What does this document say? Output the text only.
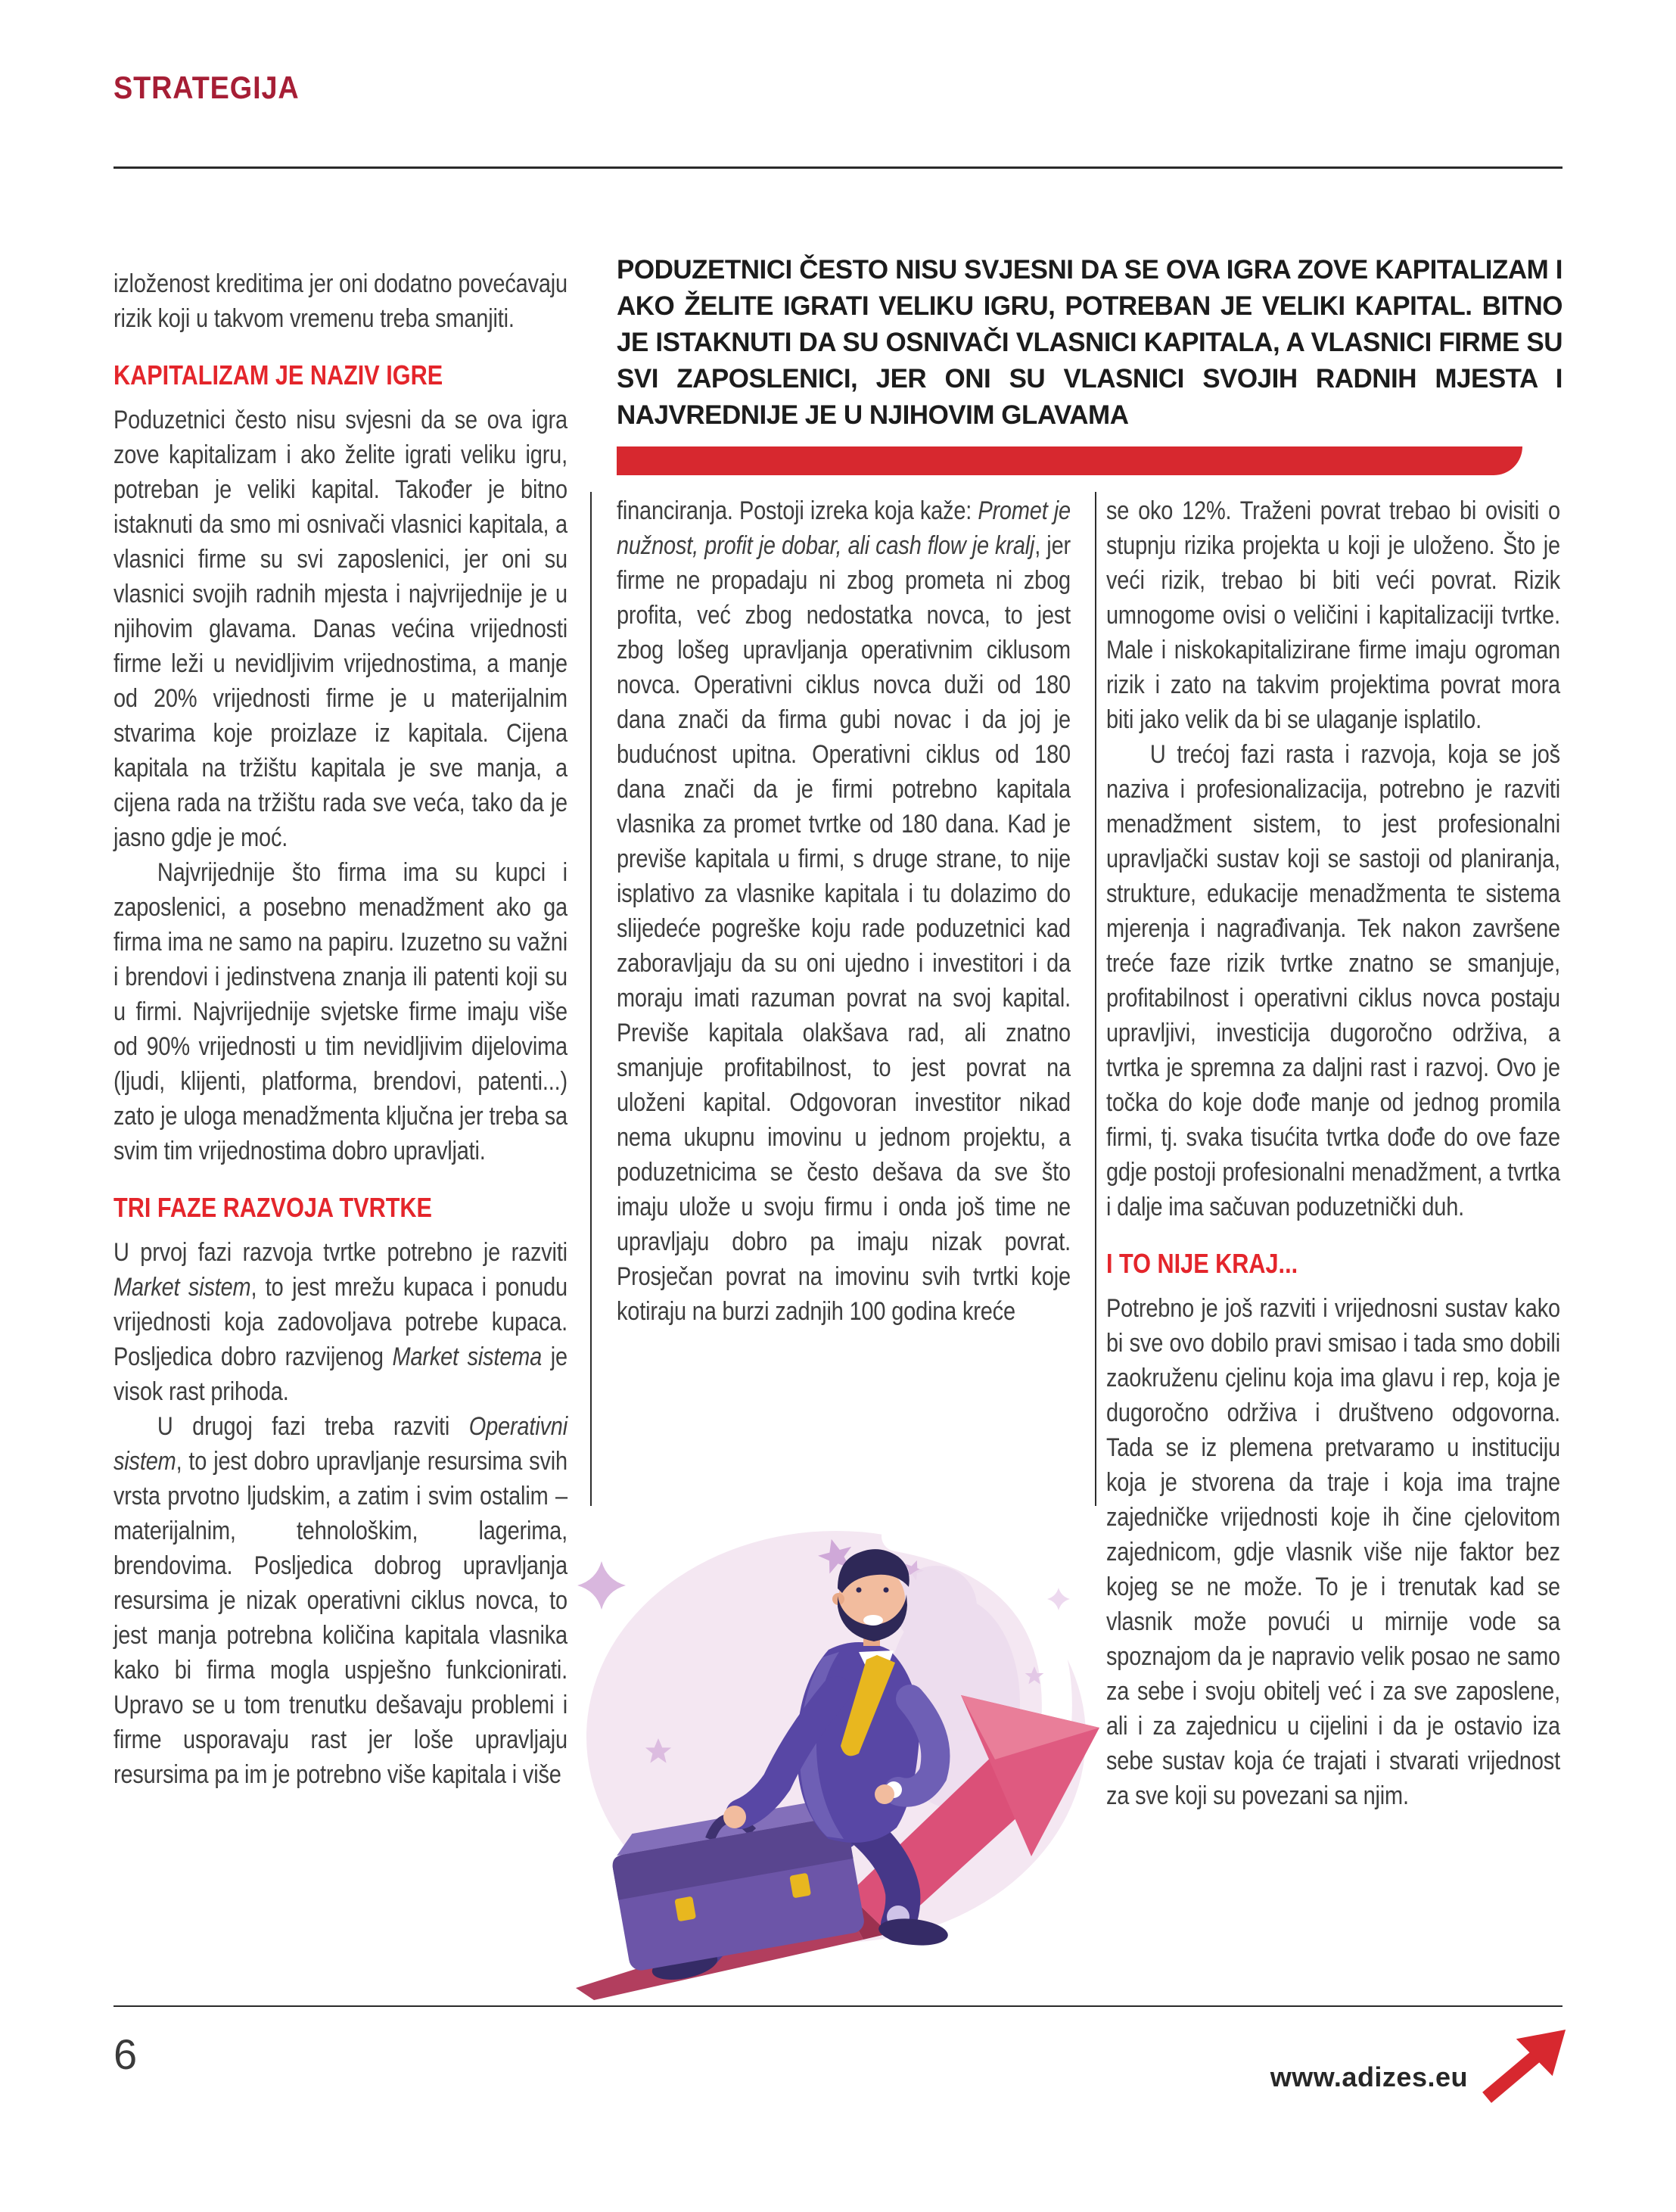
STRATEGIJA
PODUZETNICI ČESTO NISU SVJESNI DA SE OVA IGRA ZOVE KAPITALIZAM I AKO ŽELITE IGRATI VELIKU IGRU, POTREBAN JE VELIKI KAPITAL. BITNO JE ISTAKNUTI DA SU OSNIVAČI VLASNICI KAPITALA, A VLASNICI FIRME SU SVI ZAPOSLENICI, JER ONI SU VLASNICI SVOJIH RADNIH MJESTA I NAJVREDNIJE JE U NJIHOVIM GLAVAMA

izloženost kreditima jer oni dodatno povećavaju rizik koji u takvom vremenu treba smanjiti.

KAPITALIZAM JE NAZIV IGRE

Poduzetnici često nisu svjesni da se ova igra zove kapitalizam i ako želite igrati veliku igru, potreban je veliki kapital. Također je bitno istaknuti da smo mi osnivači vlasnici kapitala, a vlasnici firme su svi zaposlenici, jer oni su vlasnici svojih radnih mjesta i najvrijednije je u njihovim glavama. Danas većina vrijednosti firme leži u nevidljivim vrijednostima, a manje od 20% vrijednosti firme je u materijalnim stvarima koje proizlaze iz kapitala. Cijena kapitala na tržištu kapitala je sve manja, a cijena rada na tržištu rada sve veća, tako da je jasno gdje je moć.

Najvrijednije što firma ima su kupci i zaposlenici, a posebno menadžment ako ga firma ima ne samo na papiru. Izuzetno su važni i brendovi i jedinstvena znanja ili patenti koji su u firmi. Najvrijednije svjetske firme imaju više od 90% vrijednosti u tim nevidljivim dijelovima (ljudi, klijenti, platforma, brendovi, patenti...) zato je uloga menadžmenta ključna jer treba sa svim tim vrijednostima dobro upravljati.

TRI FAZE RAZVOJA TVRTKE

U prvoj fazi razvoja tvrtke potrebno je razviti Market sistem, to jest mrežu kupaca i ponudu vrijednosti koja zadovoljava potrebe kupaca. Posljedica dobro razvijenog Market sistema je visok rast prihoda.

U drugoj fazi treba razviti Operativni sistem, to jest dobro upravljanje resursima svih vrsta prvotno ljudskim, a zatim i svim ostalim – materijalnim, tehnološkim, lagerima, brendovima. Posljedica dobrog upravljanja resursima je nizak operativni ciklus novca, to jest manja potrebna količina kapitala vlasnika kako bi firma mogla uspješno funkcionirati. Upravo se u tom trenutku dešavaju problemi i firme usporavaju rast jer loše upravljaju resursima pa im je potrebno više kapitala i više

financiranja. Postoji izreka koja kaže: Promet je nužnost, profit je dobar, ali cash flow je kralj, jer firme ne propadaju ni zbog prometa ni zbog profita, već zbog nedostatka novca, to jest zbog lošeg upravljanja operativnim ciklusom novca. Operativni ciklus novca duži od 180 dana znači da firma gubi novac i da joj je budućnost upitna. Operativni ciklus od 180 dana znači da je firmi potrebno kapitala vlasnika za promet tvrtke od 180 dana. Kad je previše kapitala u firmi, s druge strane, to nije isplativo za vlasnike kapitala i tu dolazimo do slijedeće pogreške koju rade poduzetnici kad zaboravljaju da su oni ujedno i investitori i da moraju imati razuman povrat na svoj kapital. Previše kapitala olakšava rad, ali znatno smanjuje profitabilnost, to jest povrat na uloženi kapital. Odgovoran investitor nikad nema ukupnu imovinu u jednom projektu, a poduzetnicima se često dešava da sve što imaju ulože u svoju firmu i onda još time ne upravljaju dobro pa imaju nizak povrat. Prosječan povrat na imovinu svih tvrtki koje kotiraju na burzi zadnjih 100 godina kreće

se oko 12%. Traženi povrat trebao bi ovisiti o stupnju rizika projekta u koji je uloženo. Što je veći rizik, trebao bi biti veći povrat. Rizik umnogome ovisi o veličini i kapitalizaciji tvrtke. Male i niskokapitalizirane firme imaju ogroman rizik i zato na takvim projektima povrat mora biti jako velik da bi se ulaganje isplatilo.

U trećoj fazi rasta i razvoja, koja se još naziva i profesionalizacija, potrebno je razviti menadžment sistem, to jest profesionalni upravljački sustav koji se sastoji od planiranja, strukture, edukacije menadžmenta te sistema mjerenja i nagrađivanja. Tek nakon završene treće faze rizik tvrtke znatno se smanjuje, profitabilnost i operativni ciklus novca postaju upravljivi, investicija dugoročno održiva, a tvrtka je spremna za daljni rast i razvoj. Ovo je točka do koje dođe manje od jednog promila firmi, tj. svaka tisućita tvrtka dođe do ove faze gdje postoji profesionalni menadžment, a tvrtka i dalje ima sačuvan poduzetnički duh.

I TO NIJE KRAJ...

Potrebno je još razviti i vrijednosni sustav kako bi sve ovo dobilo pravi smisao i tada smo dobili zaokruženu cjelinu koja ima glavu i rep, koja je dugoročno održiva i društveno odgovorna. Tada se iz plemena pretvaramo u instituciju koja je stvorena da traje i koja ima trajne zajedničke vrijednosti koje ih čine cjelovitom zajednicom, gdje vlasnik više nije faktor bez kojeg se ne može. To je i trenutak kad se vlasnik može povući u mirnije vode sa spoznajom da je napravio velik posao ne samo za sebe i svoju obitelj već i za sve zaposlene, ali i za zajednicu u cijelini i da je ostavio iza sebe sustav koja će trajati i stvarati vrijednost za sve koji su povezani sa njim.

6	www.adizes.eu
